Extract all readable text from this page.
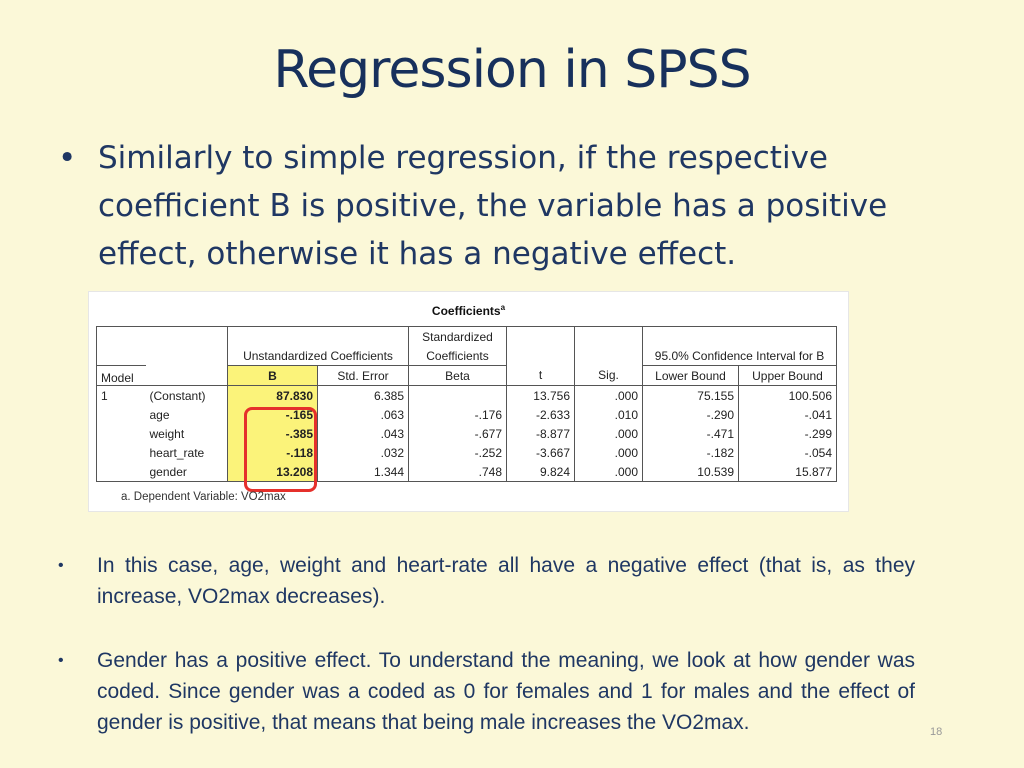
Regression in SPSS
• Similarly to simple regression, if the respective coefficient B is positive, the variable has a positive effect, otherwise it has a negative effect.
Coefficients$^a$
				Standardized				
		Unstandardized Coefficients		Coefficients			95.0% Confidence Interval for B	
Model		B	Std. Error	Beta	t	Sig.	Lower Bound	Upper Bound
1	(Constant)	87.830	6.385		13.756	.000	75.155	100.506
	age	-.165	.063	-.176	-2.633	.010	-.290	-.041
	weight	-.385	.043	-.677	-8.877	.000	-.471	-.299
	heart_rate	-.118	.032	-.252	-3.667	.000	-.182	-.054
	gender	13.208	1.344	.748	9.824	.000	10.539	15.877
a. Dependent Variable: VO2max
• In this case, age, weight and heart-rate all have a negative effect (that is, as they increase, VO2max decreases).
• Gender has a positive effect. To understand the meaning, we look at how gender was coded. Since gender was a coded as 0 for females and 1 for males and the effect of gender is positive, that means that being male increases the VO2max.	18
